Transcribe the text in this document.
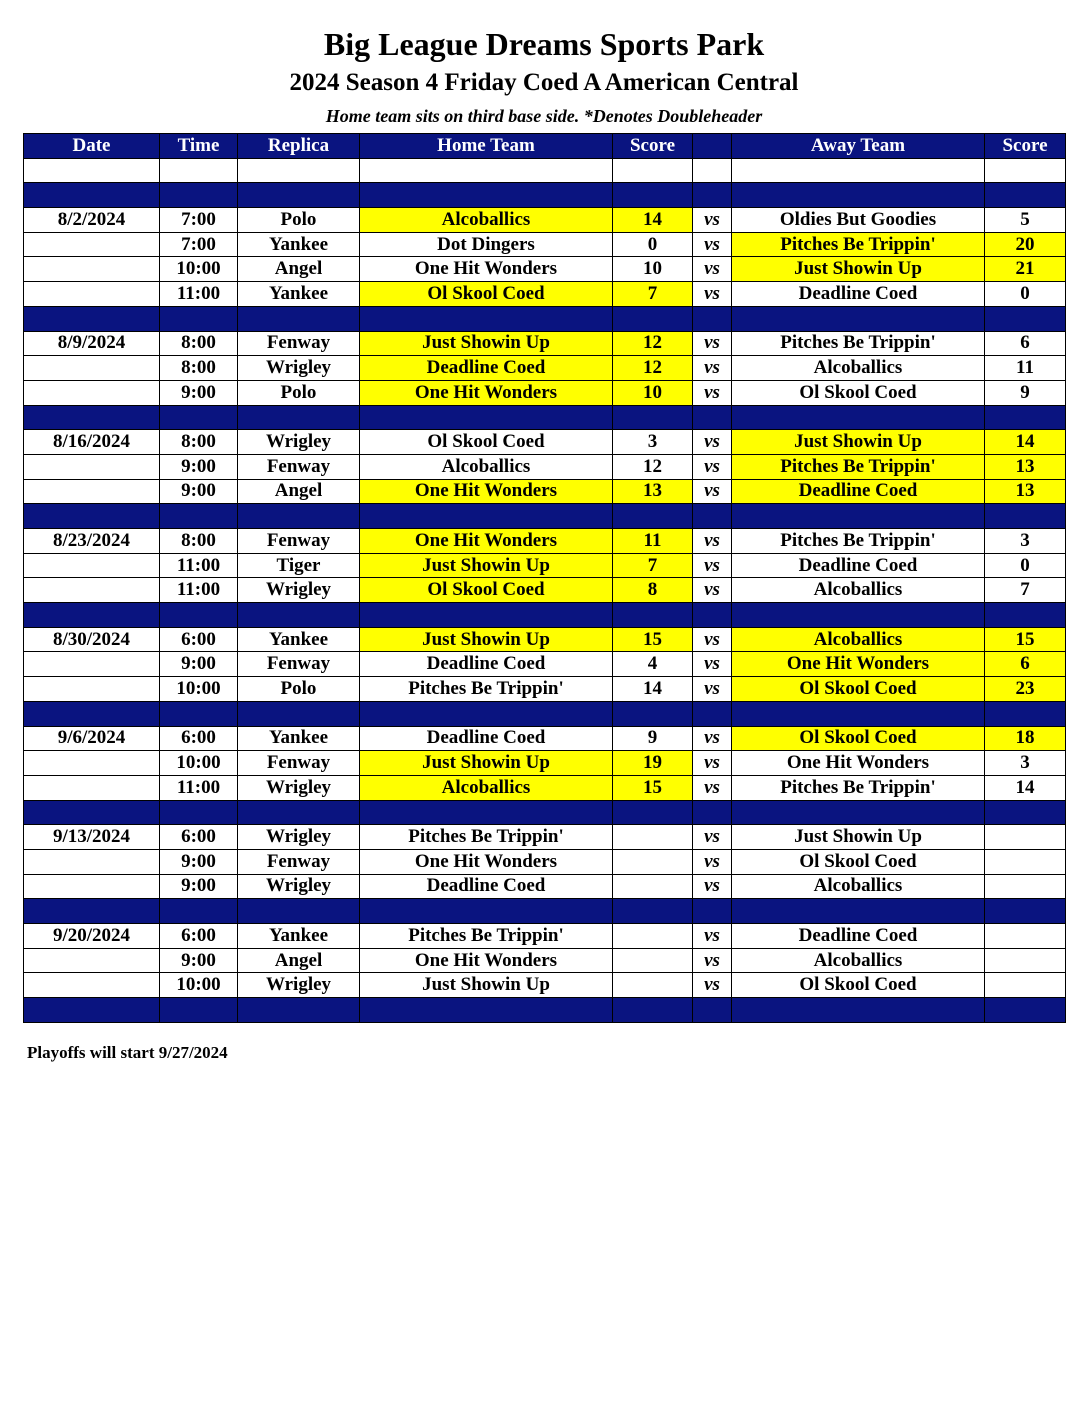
Big League Dreams Sports Park
2024 Season 4 Friday Coed A American Central
Home team sits on third base side. *Denotes Doubleheader
Date	Time	Replica	Home Team	Score		Away Team	Score

8/2/2024	7:00	Polo	Alcoballics	14	vs	Oldies But Goodies	5
	7:00	Yankee	Dot Dingers	0	vs	Pitches Be Trippin'	20
	10:00	Angel	One Hit Wonders	10	vs	Just Showin Up	21
	11:00	Yankee	Ol Skool Coed	7	vs	Deadline Coed	0

8/9/2024	8:00	Fenway	Just Showin Up	12	vs	Pitches Be Trippin'	6
	8:00	Wrigley	Deadline Coed	12	vs	Alcoballics	11
	9:00	Polo	One Hit Wonders	10	vs	Ol Skool Coed	9

8/16/2024	8:00	Wrigley	Ol Skool Coed	3	vs	Just Showin Up	14
	9:00	Fenway	Alcoballics	12	vs	Pitches Be Trippin'	13
	9:00	Angel	One Hit Wonders	13	vs	Deadline Coed	13

8/23/2024	8:00	Fenway	One Hit Wonders	11	vs	Pitches Be Trippin'	3
	11:00	Tiger	Just Showin Up	7	vs	Deadline Coed	0
	11:00	Wrigley	Ol Skool Coed	8	vs	Alcoballics	7

8/30/2024	6:00	Yankee	Just Showin Up	15	vs	Alcoballics	15
	9:00	Fenway	Deadline Coed	4	vs	One Hit Wonders	6
	10:00	Polo	Pitches Be Trippin'	14	vs	Ol Skool Coed	23

9/6/2024	6:00	Yankee	Deadline Coed	9	vs	Ol Skool Coed	18
	10:00	Fenway	Just Showin Up	19	vs	One Hit Wonders	3
	11:00	Wrigley	Alcoballics	15	vs	Pitches Be Trippin'	14

9/13/2024	6:00	Wrigley	Pitches Be Trippin'		vs	Just Showin Up	
	9:00	Fenway	One Hit Wonders		vs	Ol Skool Coed	
	9:00	Wrigley	Deadline Coed		vs	Alcoballics	

9/20/2024	6:00	Yankee	Pitches Be Trippin'		vs	Deadline Coed	
	9:00	Angel	One Hit Wonders		vs	Alcoballics	
	10:00	Wrigley	Just Showin Up		vs	Ol Skool Coed	

Playoffs will start 9/27/2024
